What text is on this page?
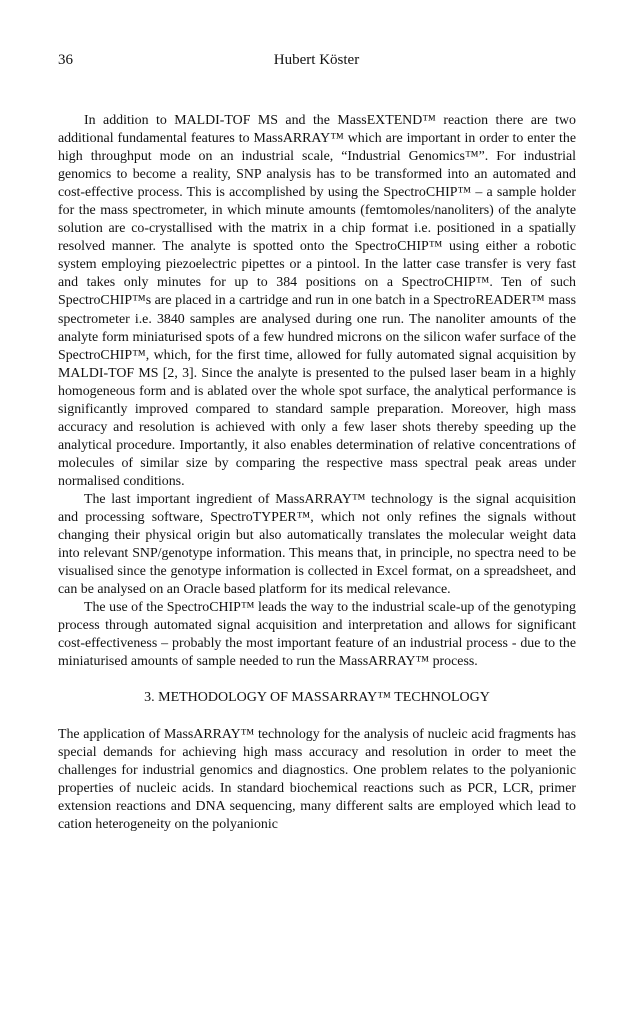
36	Hubert Köster

In addition to MALDI-TOF MS and the MassEXTEND™ reaction there are two additional fundamental features to MassARRAY™ which are important in order to enter the high throughput mode on an industrial scale, “Industrial Genomics™”. For industrial genomics to become a reality, SNP analysis has to be transformed into an automated and cost-effective process. This is accomplished by using the SpectroCHIP™ – a sample holder for the mass spectrometer, in which minute amounts (femtomoles/nanoliters) of the analyte solution are co-crystallised with the matrix in a chip format i.e. positioned in a spatially resolved manner. The analyte is spotted onto the SpectroCHIP™ using either a robotic system employing piezoelectric pipettes or a pintool. In the latter case transfer is very fast and takes only minutes for up to 384 positions on a SpectroCHIP™. Ten of such SpectroCHIP™s are placed in a cartridge and run in one batch in a SpectroREADER™ mass spectrometer i.e. 3840 samples are analysed during one run. The nanoliter amounts of the analyte form miniaturised spots of a few hundred microns on the silicon wafer surface of the SpectroCHIP™, which, for the first time, allowed for fully automated signal acquisition by MALDI-TOF MS [2, 3]. Since the analyte is presented to the pulsed laser beam in a highly homogeneous form and is ablated over the whole spot surface, the analytical performance is significantly improved compared to standard sample preparation. Moreover, high mass accuracy and resolution is achieved with only a few laser shots thereby speeding up the analytical procedure. Importantly, it also enables determination of relative concentrations of molecules of similar size by comparing the respective mass spectral peak areas under normalised conditions.

The last important ingredient of MassARRAY™ technology is the signal acquisition and processing software, SpectroTYPER™, which not only refines the signals without changing their physical origin but also automatically translates the molecular weight data into relevant SNP/genotype information. This means that, in principle, no spectra need to be visualised since the genotype information is collected in Excel format, on a spreadsheet, and can be analysed on an Oracle based platform for its medical relevance.

The use of the SpectroCHIP™ leads the way to the industrial scale-up of the genotyping process through automated signal acquisition and interpretation and allows for significant cost-effectiveness – probably the most important feature of an industrial process - due to the miniaturised amounts of sample needed to run the MassARRAY™ process.

3. METHODOLOGY OF MASSARRAY™ TECHNOLOGY

The application of MassARRAY™ technology for the analysis of nucleic acid fragments has special demands for achieving high mass accuracy and resolution in order to meet the challenges for industrial genomics and diagnostics. One problem relates to the polyanionic properties of nucleic acids. In standard biochemical reactions such as PCR, LCR, primer extension reactions and DNA sequencing, many different salts are employed which lead to cation heterogeneity on the polyanionic
